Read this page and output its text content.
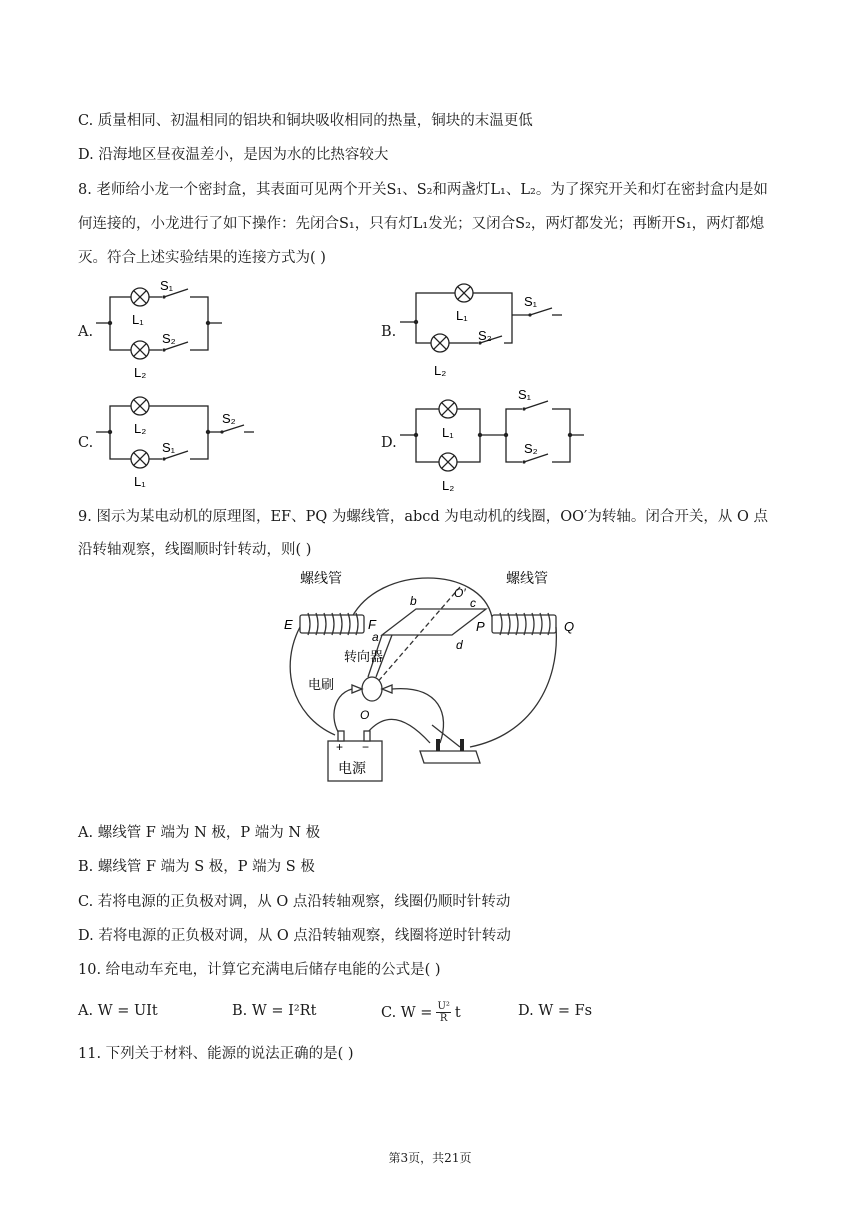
C. 质量相同、初温相同的铝块和铜块吸收相同的热量，铜块的末温更低
D. 沿海地区昼夜温差小，是因为水的比热容较大
8. 老师给小龙一个密封盒，其表面可见两个开关S₁、S₂和两盏灯L₁、L₂。为了探究开关和灯在密封盒内是如
何连接的，小龙进行了如下操作：先闭合S₁，只有灯L₁发光；又闭合S₂，两灯都发光；再断开S₁，两灯都熄
灭。符合上述实验结果的连接方式为( )
A.	B.
C.	D.
S₁
L₁
S₂
L₂
L₁
S₁
S₂
L₂
L₂
S₂
S₁
L₁
L₁
S₁
S₂
L₂
9. 图示为某电动机的原理图，EF、PQ 为螺线管，abcd 为电动机的线圈，OO′为转轴。闭合开关，从 O 点
沿转轴观察，线圈顺时针转动，则( )
螺线管	螺线管
E	F	P	Q
b	c
a
d
O′
O
转向器
电刷
+ −
电源
A. 螺线管 F 端为 N 极，P 端为 N 极
B. 螺线管 F 端为 S 极，P 端为 S 极
C. 若将电源的正负极对调，从 O 点沿转轴观察，线圈仍顺时针转动
D. 若将电源的正负极对调，从 O 点沿转轴观察，线圈将逆时针转动
10. 给电动车充电，计算它充满电后储存电能的公式是( )
A. W = UIt	B. W = I²Rt	C. $W = \frac{\text{U²}}{R}$ t	D. W = Fs
11. 下列关于材料、能源的说法正确的是( )
第3页，共21页
